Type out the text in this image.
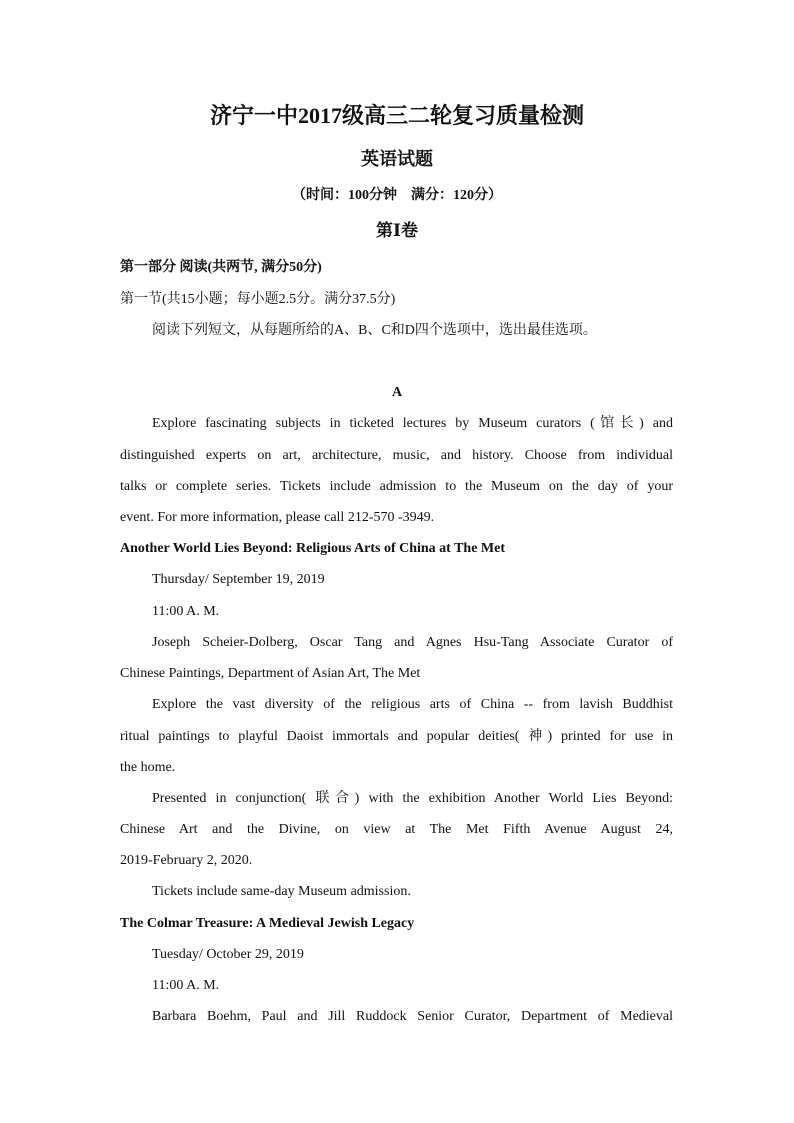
济宁一中2017级高三二轮复习质量检测
英语试题
（时间：100分钟　满分：120分）
第Ⅰ卷
第一部分 阅读(共两节, 满分50分)
第一节(共15小题；每小题2.5分。满分37.5分)
阅读下列短文，从每题所给的A、B、C和D四个选项中，选出最佳选项。
A
Explore fascinating subjects in ticketed lectures by Museum curators (馆长) and
distinguished experts on art, architecture, music, and history. Choose from individual
talks or complete series. Tickets include admission to the Museum on the day of your
event. For more information, please call 212-570 -3949.
Another World Lies Beyond: Religious Arts of China at The Met
Thursday/ September 19, 2019
11:00 A. M.
Joseph Scheier-Dolberg, Oscar Tang and Agnes Hsu-Tang Associate Curator of
Chinese Paintings, Department of Asian Art, The Met
Explore the vast diversity of the religious arts of China -- from lavish Buddhist
ritual paintings to playful Daoist immortals and popular deities( 神) printed for use in
the home.
Presented in conjunction( 联合) with the exhibition Another World Lies Beyond:
Chinese Art and the Divine, on view at The Met Fifth Avenue August 24,
2019-February 2, 2020.
Tickets include same-day Museum admission.
The Colmar Treasure: A Medieval Jewish Legacy
Tuesday/ October 29, 2019
11:00 A. M.
Barbara Boehm, Paul and Jill Ruddock Senior Curator, Department of Medieval
